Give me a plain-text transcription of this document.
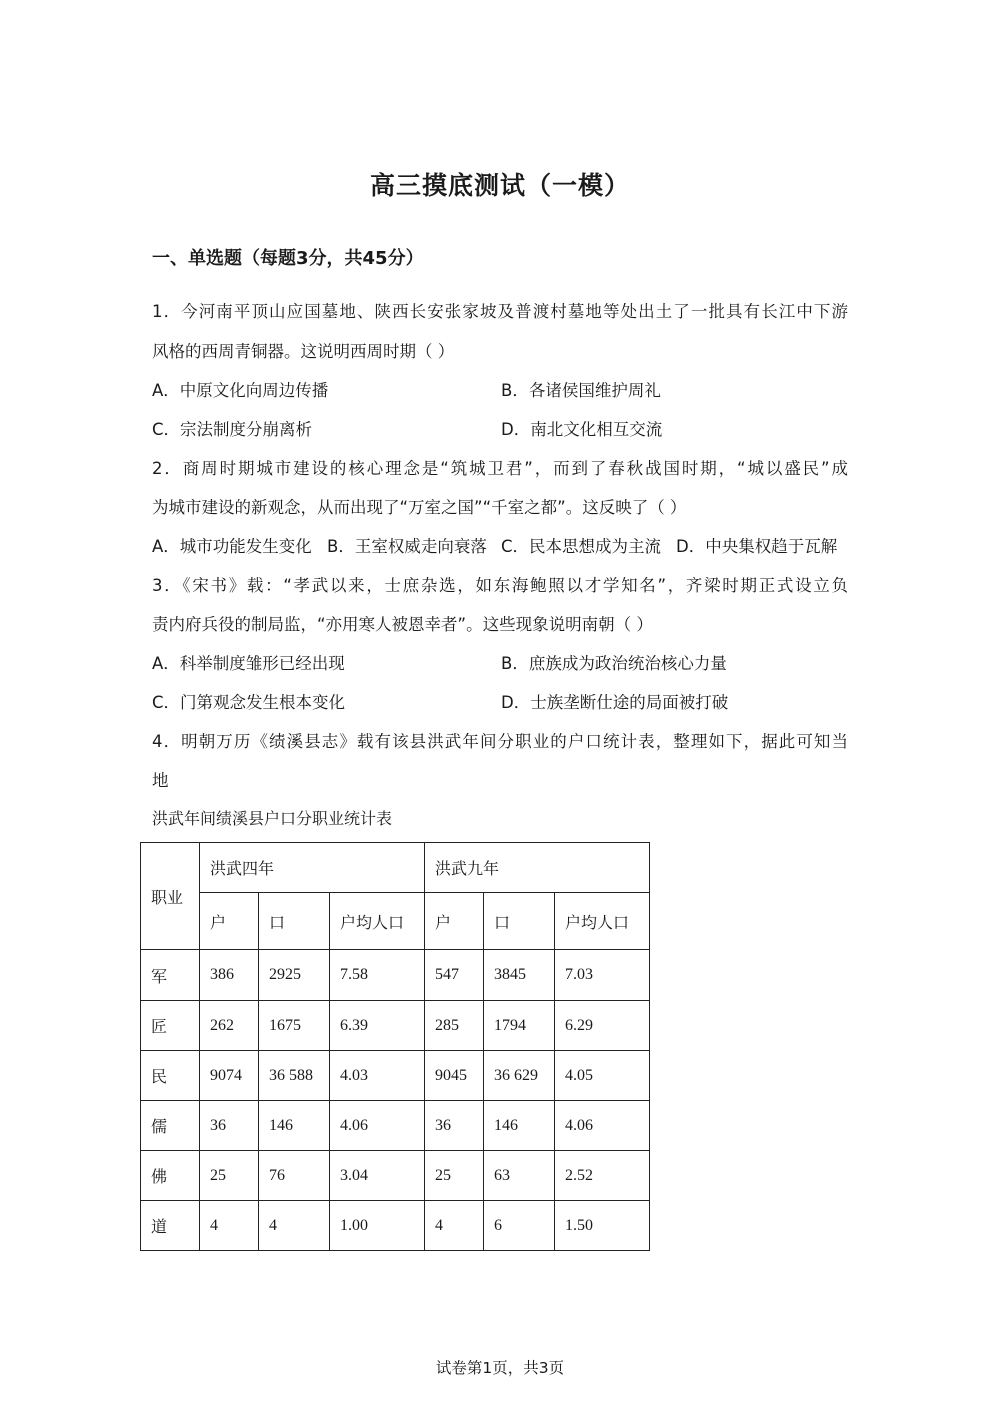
高三摸底测试（一模）
一、单选题（每题3分，共45分）
1．今河南平顶山应国墓地、陕西长安张家坡及普渡村墓地等处出土了一批具有长江中下游
风格的西周青铜器。这说明西周时期（ ）
A．中原文化向周边传播	B．各诸侯国维护周礼
C．宗法制度分崩离析	D．南北文化相互交流
2．商周时期城市建设的核心理念是“筑城卫君”，而到了春秋战国时期，“城以盛民”成
为城市建设的新观念，从而出现了“万室之国”“千室之都”。这反映了（ ）
A．城市功能发生变化 B．王室权威走向衰落 C．民本思想成为主流 D．中央集权趋于瓦解
3．《宋书》载：“孝武以来，士庶杂选，如东海鲍照以才学知名”，齐梁时期正式设立负
责内府兵役的制局监，“亦用寒人被恩幸者”。这些现象说明南朝（ ）
A．科举制度雏形已经出现	B．庶族成为政治统治核心力量
C．门第观念发生根本变化	D．士族垄断仕途的局面被打破
4．明朝万历《绩溪县志》载有该县洪武年间分职业的户口统计表，整理如下，据此可知当
地
洪武年间绩溪县户口分职业统计表
职业	洪武四年			洪武九年		
	户	口	户均人口	户	口	户均人口
军	386	2925	7.58	547	3845	7.03
匠	262	1675	6.39	285	1794	6.29
民	9074	36 588	4.03	9045	36 629	4.05
儒	36	146	4.06	36	146	4.06
佛	25	76	3.04	25	63	2.52
道	4	4	1.00	4	6	1.50
试卷第1页，共3页
